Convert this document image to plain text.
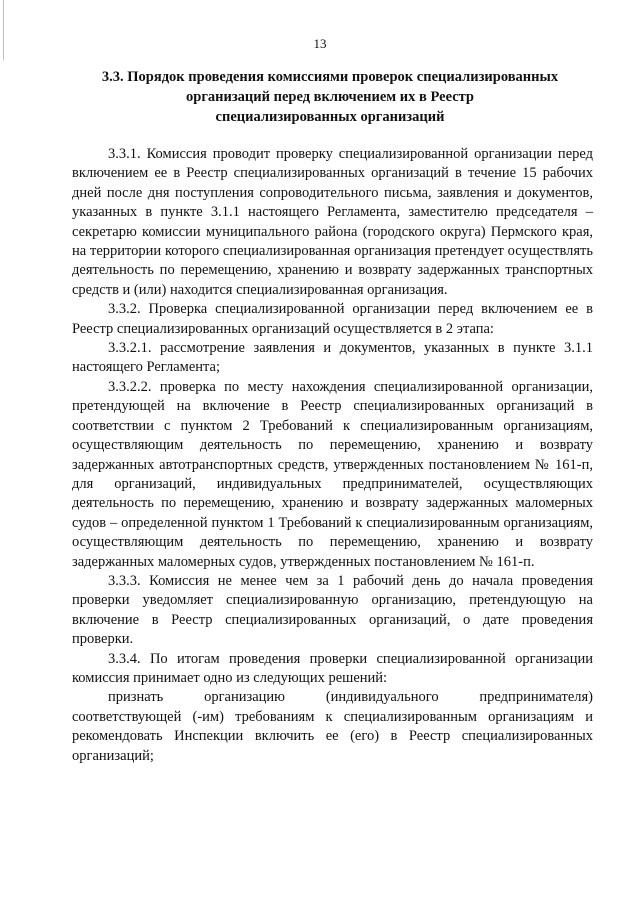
13
3.3. Порядок проведения комиссиями проверок специализированных
организаций перед включением их в Реестр
специализированных организаций

3.3.1. Комиссия проводит проверку специализированной организации перед включением ее в Реестр специализированных организаций в течение 15 рабочих дней после дня поступления сопроводительного письма, заявления и документов, указанных в пункте 3.1.1 настоящего Регламента, заместителю председателя – секретарю комиссии муниципального района (городского округа) Пермского края, на территории которого специализированная организация претендует осуществлять деятельность по перемещению, хранению и возврату задержанных транспортных средств и (или) находится специализированная организация.

3.3.2. Проверка специализированной организации перед включением ее в Реестр специализированных организаций осуществляется в 2 этапа:

3.3.2.1. рассмотрение заявления и документов, указанных в пункте 3.1.1 настоящего Регламента;

3.3.2.2. проверка по месту нахождения специализированной организации, претендующей на включение в Реестр специализированных организаций в соответствии с пунктом 2 Требований к специализированным организациям, осуществляющим деятельность по перемещению, хранению и возврату задержанных автотранспортных средств, утвержденных постановлением № 161-п, для организаций, индивидуальных предпринимателей, осуществляющих деятельность по перемещению, хранению и возврату задержанных маломерных судов – определенной пунктом 1 Требований к специализированным организациям, осуществляющим деятельность по перемещению, хранению и возврату задержанных маломерных судов, утвержденных постановлением № 161-п.

3.3.3. Комиссия не менее чем за 1 рабочий день до начала проведения проверки уведомляет специализированную организацию, претендующую на включение в Реестр специализированных организаций, о дате проведения проверки.

3.3.4. По итогам проведения проверки специализированной организации комиссия принимает одно из следующих решений:

признать организацию (индивидуального предпринимателя) соответствующей (-им) требованиям к специализированным организациям и рекомендовать Инспекции включить ее (его) в Реестр специализированных организаций;
